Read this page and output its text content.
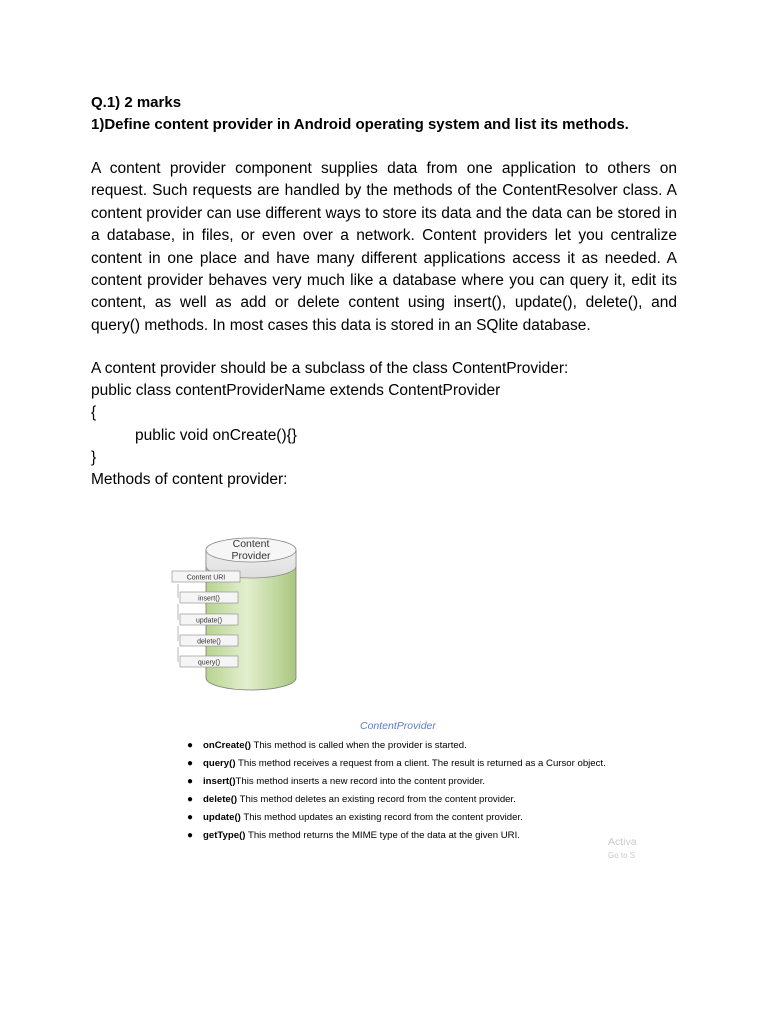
Q.1) 2 marks
1)Define content provider in Android operating system and list its methods.
A content provider component supplies data from one application to others on request. Such requests are handled by the methods of the ContentResolver class. A content provider can use different ways to store its data and the data can be stored in a database, in files, or even over a network. Content providers let you centralize content in one place and have many different applications access it as needed. A content provider behaves very much like a database where you can query it, edit its content, as well as add or delete content using insert(), update(), delete(), and query() methods. In most cases this data is stored in an SQlite database.
A content provider should be a subclass of the class ContentProvider:
public class contentProviderName extends ContentProvider
{
public void onCreate(){}
}
Methods of content provider:
Content
Provider
Content URI
insert()
update()
delete()
query()
ContentProvider
● onCreate() This method is called when the provider is started.
● query() This method receives a request from a client. The result is returned as a Cursor object.
● insert()This method inserts a new record into the content provider.
● delete() This method deletes an existing record from the content provider.
● update() This method updates an existing record from the content provider.
● getType() This method returns the MIME type of the data at the given URI.
Activa
Go to S
